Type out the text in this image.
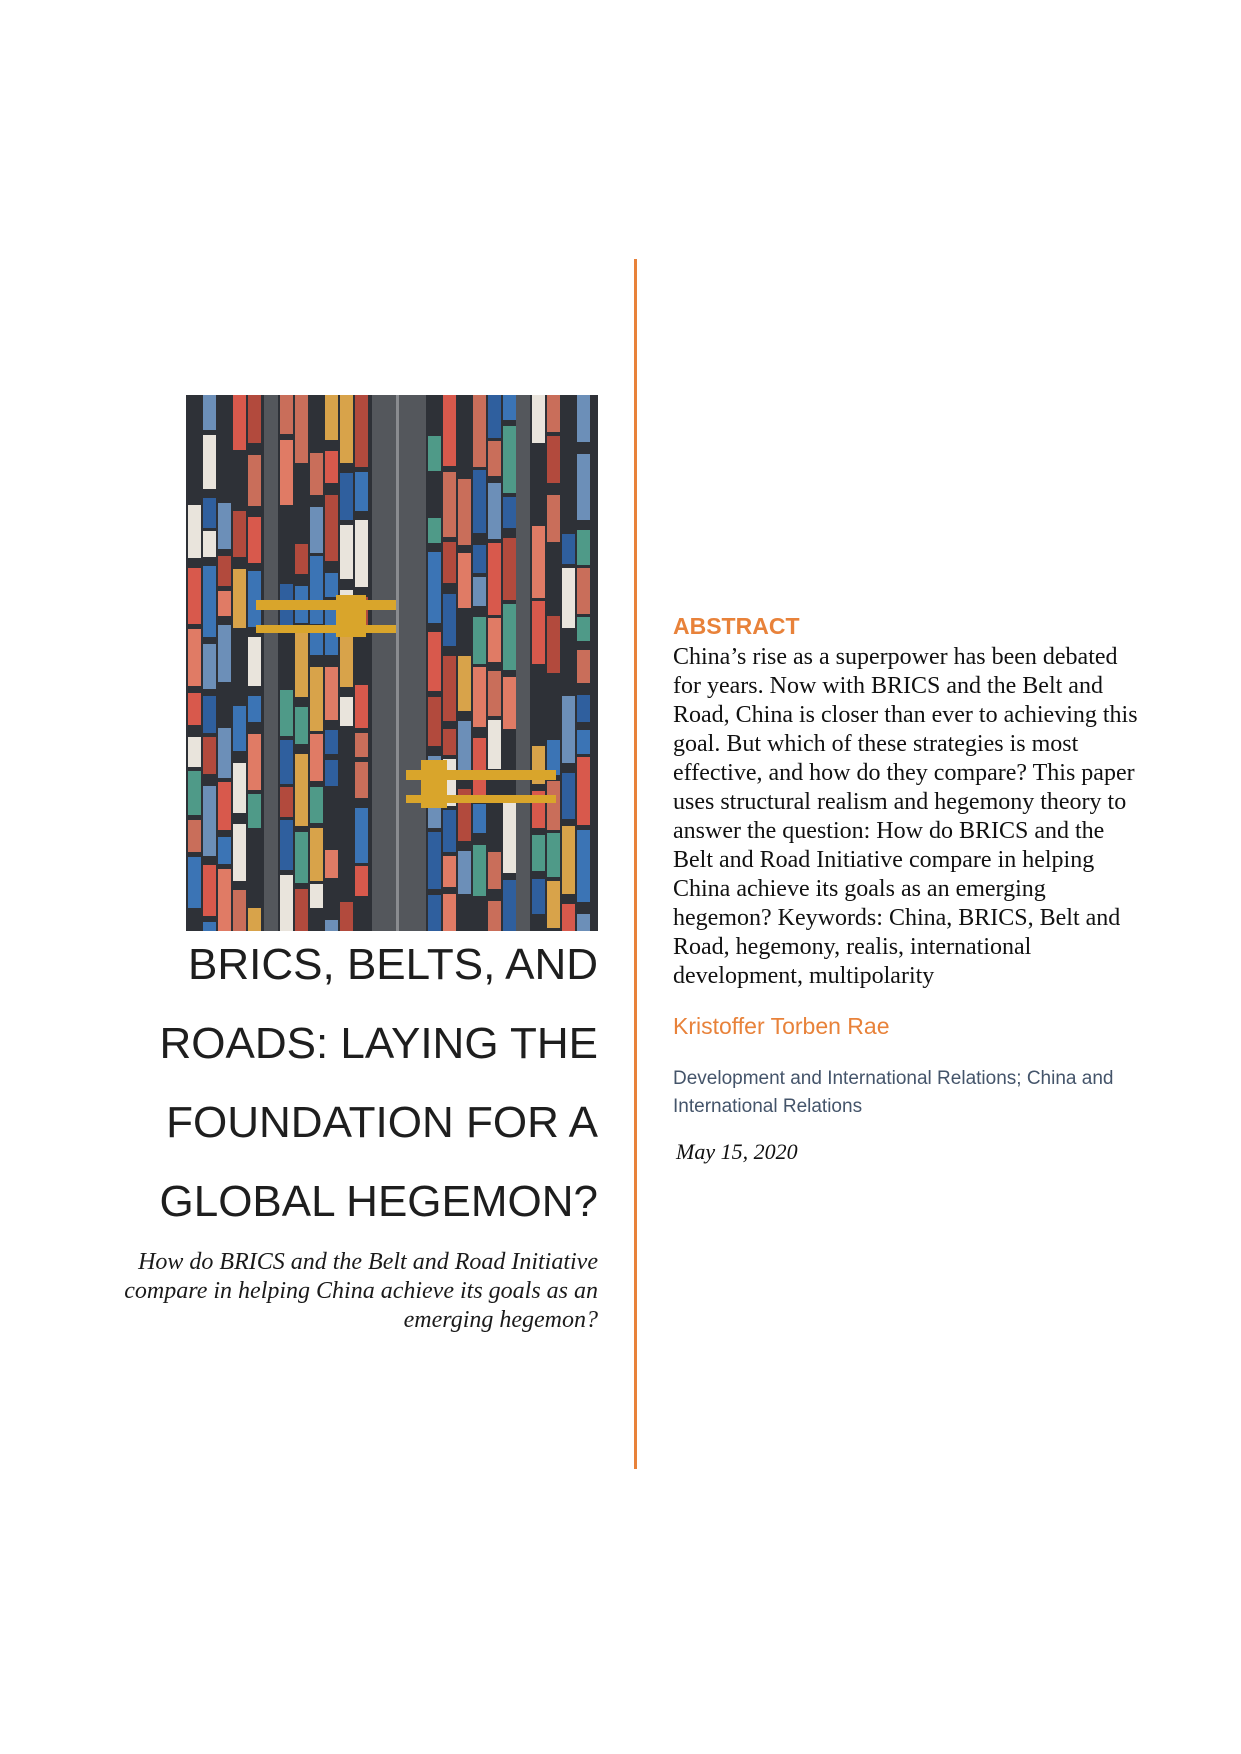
BRICS, BELTS, AND
ROADS: LAYING THE
FOUNDATION FOR A
GLOBAL HEGEMON?

How do BRICS and the Belt and Road Initiative
compare in helping China achieve its goals as an
emerging hegemon?

ABSTRACT

China’s rise as a superpower has been debated
for years. Now with BRICS and the Belt and
Road, China is closer than ever to achieving this
goal. But which of these strategies is most
effective, and how do they compare? This paper
uses structural realism and hegemony theory to
answer the question: How do BRICS and the
Belt and Road Initiative compare in helping
China achieve its goals as an emerging
hegemon? Keywords: China, BRICS, Belt and
Road, hegemony, realis, international
development, multipolarity

Kristoffer Torben Rae

Development and International Relations; China and
International Relations

May 15, 2020
